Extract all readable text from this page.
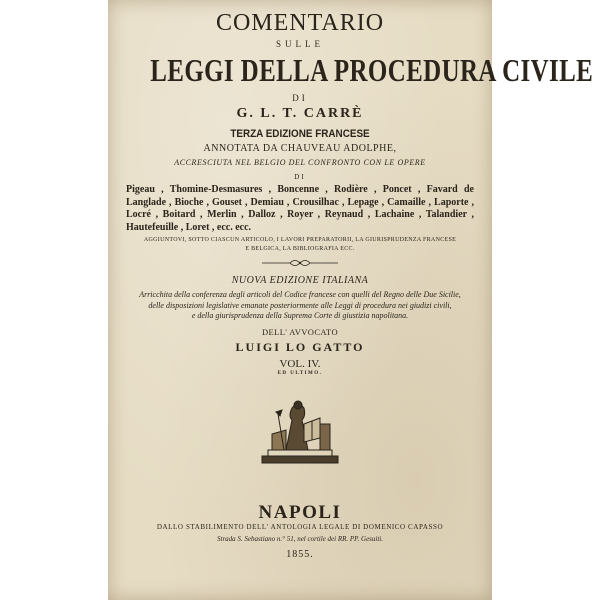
COMENTARIO

SULLE

LEGGI DELLA PROCEDURA CIVILE

DI

G. L. T. CARRÈ

TERZA EDIZIONE FRANCESE

ANNOTATA DA CHAUVEAU ADOLPHE,

ACCRESCIUTA NEL BELGIO DEL CONFRONTO CON LE OPERE

DI

Pigeau , Thomine-Desmasures , Boncenne , Rodière , Poncet , Favard de Langlade , Bioche , Gouset , Demiau , Crousilhac , Lepage , Camaille , Laporte , Locré , Boitard , Merlin , Dalloz , Royer , Reynaud , Lachaine , Talandier , Hautefeuille , Loret , ecc. ecc.
AGGIUNTOVI, SOTTO CIASCUN ARTICOLO, I LAVORI PREPARATORII, LA GIURISPRUDENZA FRANCESE
E BELGICA, LA BIBLIOGRAFIA ECC.

NUOVA EDIZIONE ITALIANA

Arricchita della conferenza degli articoli del Codice francese con quelli del Regno delle Due Sicilie,
delle disposizioni legislative emanate posteriormente alle Leggi di procedura nei giudizi civili,
e della giurisprudenza della Suprema Corte di giustizia napolitana.

DELL' AVVOCATO

LUIGI LO GATTO

VOL. IV.

ED ULTIMO.

NAPOLI

DALLO STABILIMENTO DELL' ANTOLOGIA LEGALE DI DOMENICO CAPASSO

Strada S. Sebastiano n.° 51, nel cortile dei RR. PP. Gesuiti.

1855.
